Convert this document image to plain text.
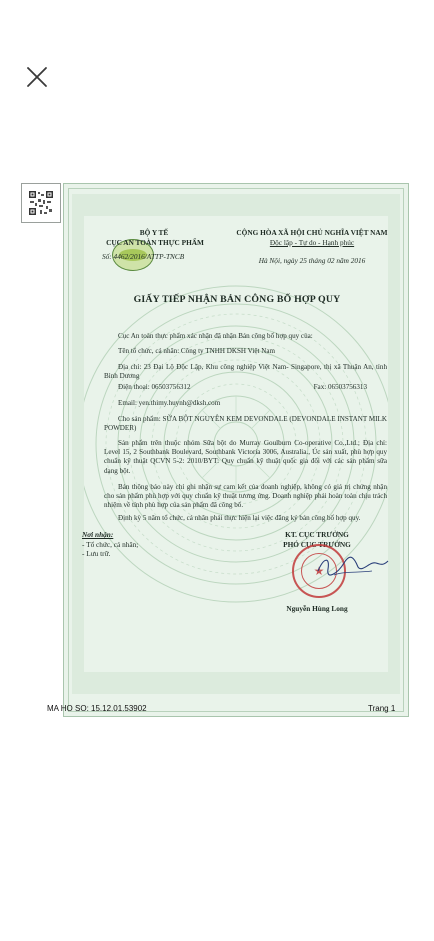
BỘ Y TẾ
CỤC AN TOÀN THỰC PHẨM
Số: 4462/2016/ATTP-TNCB
CỘNG HÒA XÃ HỘI CHỦ NGHĨA VIỆT NAM
Độc lập - Tự do - Hạnh phúc
Hà Nội, ngày 25 tháng 02 năm 2016
GIẤY TIẾP NHẬN BẢN CÔNG BỐ HỢP QUY
Cục An toàn thực phẩm xác nhận đã nhận Bản công bố hợp quy của:
Tên tổ chức, cá nhân: Công ty TNHH DKSH Việt Nam
Địa chỉ: 23 Đại Lộ Độc Lập, Khu công nghiệp Việt Nam- Singapore, thị xã Thuận An, tỉnh Bình Dương
Điện thoại: 06503756312	Fax: 06503756313
Email: yen.thimy.huynh@dksh.com
Cho sản phẩm: SỮA BỘT NGUYÊN KEM DEVONDALE (DEVONDALE INSTANT MILK POWDER)
Sản phẩm trên thuộc nhóm Sữa bột do Murray Goulburn Co-operative Co.,Ltd.; Địa chỉ: Level 15, 2 Southbank Boulevard, Southbank Victoria 3006, Australia., Úc sản xuất, phù hợp quy chuẩn kỹ thuật QCVN 5-2: 2010/BYT: Quy chuẩn kỹ thuật quốc gia đối với các sản phẩm sữa dạng bột.
Bản thông báo này chỉ ghi nhận sự cam kết của doanh nghiệp, không có giá trị chứng nhận cho sản phẩm phù hợp với quy chuẩn kỹ thuật tương ứng. Doanh nghiệp phải hoàn toàn chịu trách nhiệm về tính phù hợp của sản phẩm đã công bố.
Định kỳ 5 năm tổ chức, cá nhân phải thực hiện lại việc đăng ký bản công bố hợp quy.
Nơi nhận:
- Tổ chức, cá nhân;
- Lưu trữ.
KT. CỤC TRƯỞNG
PHÓ CỤC TRƯỞNG
★
Nguyễn Hùng Long
MA HO SO: 15.12.01.53902	Trang 1
